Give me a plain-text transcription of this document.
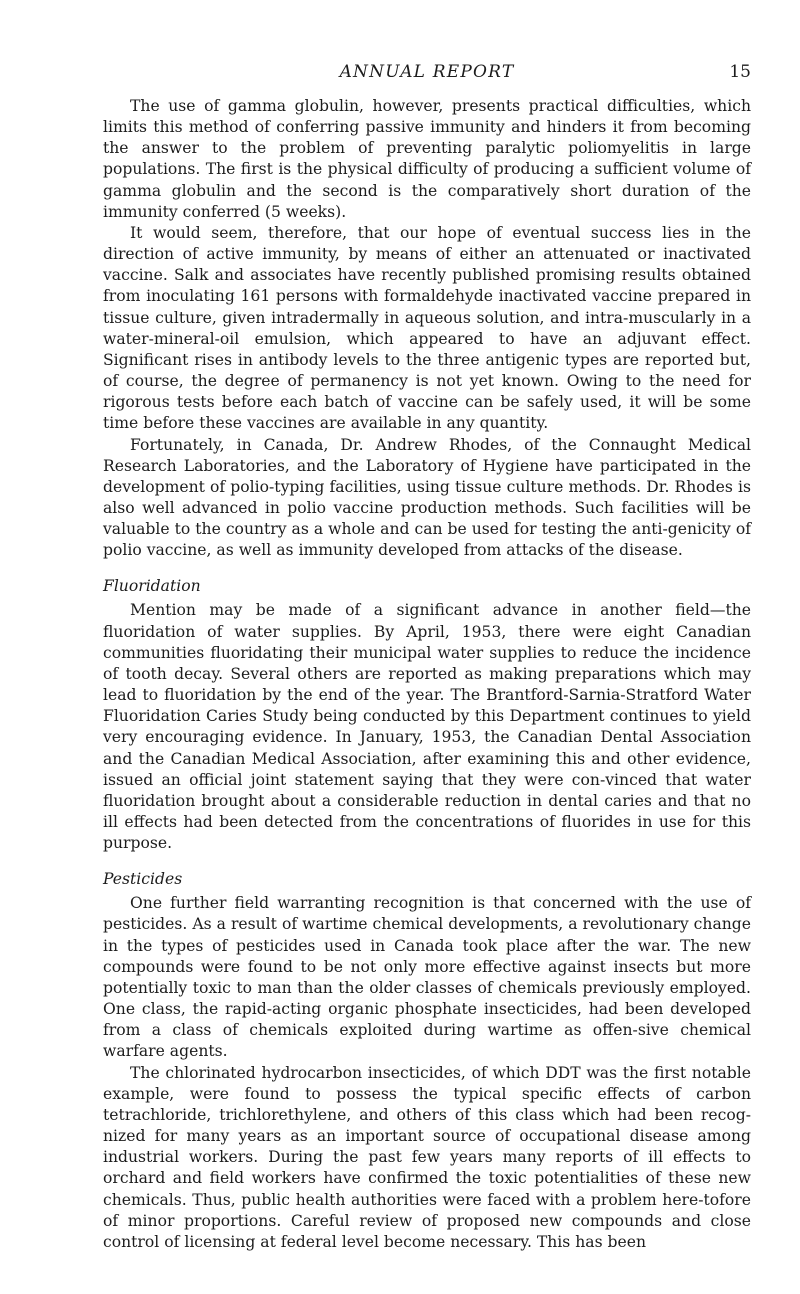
ANNUAL REPORT	15

The use of gamma globulin, however, presents practical difficulties, which limits this method of conferring passive immunity and hinders it from becoming the answer to the problem of preventing paralytic poliomyelitis in large populations. The first is the physical difficulty of producing a sufficient volume of gamma globulin and the second is the comparatively short duration of the immunity conferred (5 weeks).

It would seem, therefore, that our hope of eventual success lies in the direction of active immunity, by means of either an attenuated or inactivated vaccine. Salk and associates have recently published promising results obtained from inoculating 161 persons with formaldehyde inactivated vaccine prepared in tissue culture, given intradermally in aqueous solution, and intra-muscularly in a water-mineral-oil emulsion, which appeared to have an adjuvant effect. Significant rises in antibody levels to the three antigenic types are reported but, of course, the degree of permanency is not yet known. Owing to the need for rigorous tests before each batch of vaccine can be safely used, it will be some time before these vaccines are available in any quantity.

Fortunately, in Canada, Dr. Andrew Rhodes, of the Connaught Medical Research Laboratories, and the Laboratory of Hygiene have participated in the development of polio-typing facilities, using tissue culture methods. Dr. Rhodes is also well advanced in polio vaccine production methods. Such facilities will be valuable to the country as a whole and can be used for testing the anti-genicity of polio vaccine, as well as immunity developed from attacks of the disease.

Fluoridation

Mention may be made of a significant advance in another field—the fluoridation of water supplies. By April, 1953, there were eight Canadian communities fluoridating their municipal water supplies to reduce the incidence of tooth decay. Several others are reported as making preparations which may lead to fluoridation by the end of the year. The Brantford-Sarnia-Stratford Water Fluoridation Caries Study being conducted by this Department continues to yield very encouraging evidence. In January, 1953, the Canadian Dental Association and the Canadian Medical Association, after examining this and other evidence, issued an official joint statement saying that they were con-vinced that water fluoridation brought about a considerable reduction in dental caries and that no ill effects had been detected from the concentrations of fluorides in use for this purpose.

Pesticides

One further field warranting recognition is that concerned with the use of pesticides. As a result of wartime chemical developments, a revolutionary change in the types of pesticides used in Canada took place after the war. The new compounds were found to be not only more effective against insects but more potentially toxic to man than the older classes of chemicals previously employed. One class, the rapid-acting organic phosphate insecticides, had been developed from a class of chemicals exploited during wartime as offen-sive chemical warfare agents.

The chlorinated hydrocarbon insecticides, of which DDT was the first notable example, were found to possess the typical specific effects of carbon tetrachloride, trichlorethylene, and others of this class which had been recog-nized for many years as an important source of occupational disease among industrial workers. During the past few years many reports of ill effects to orchard and field workers have confirmed the toxic potentialities of these new chemicals. Thus, public health authorities were faced with a problem here-tofore of minor proportions. Careful review of proposed new compounds and close control of licensing at federal level become necessary. This has been
